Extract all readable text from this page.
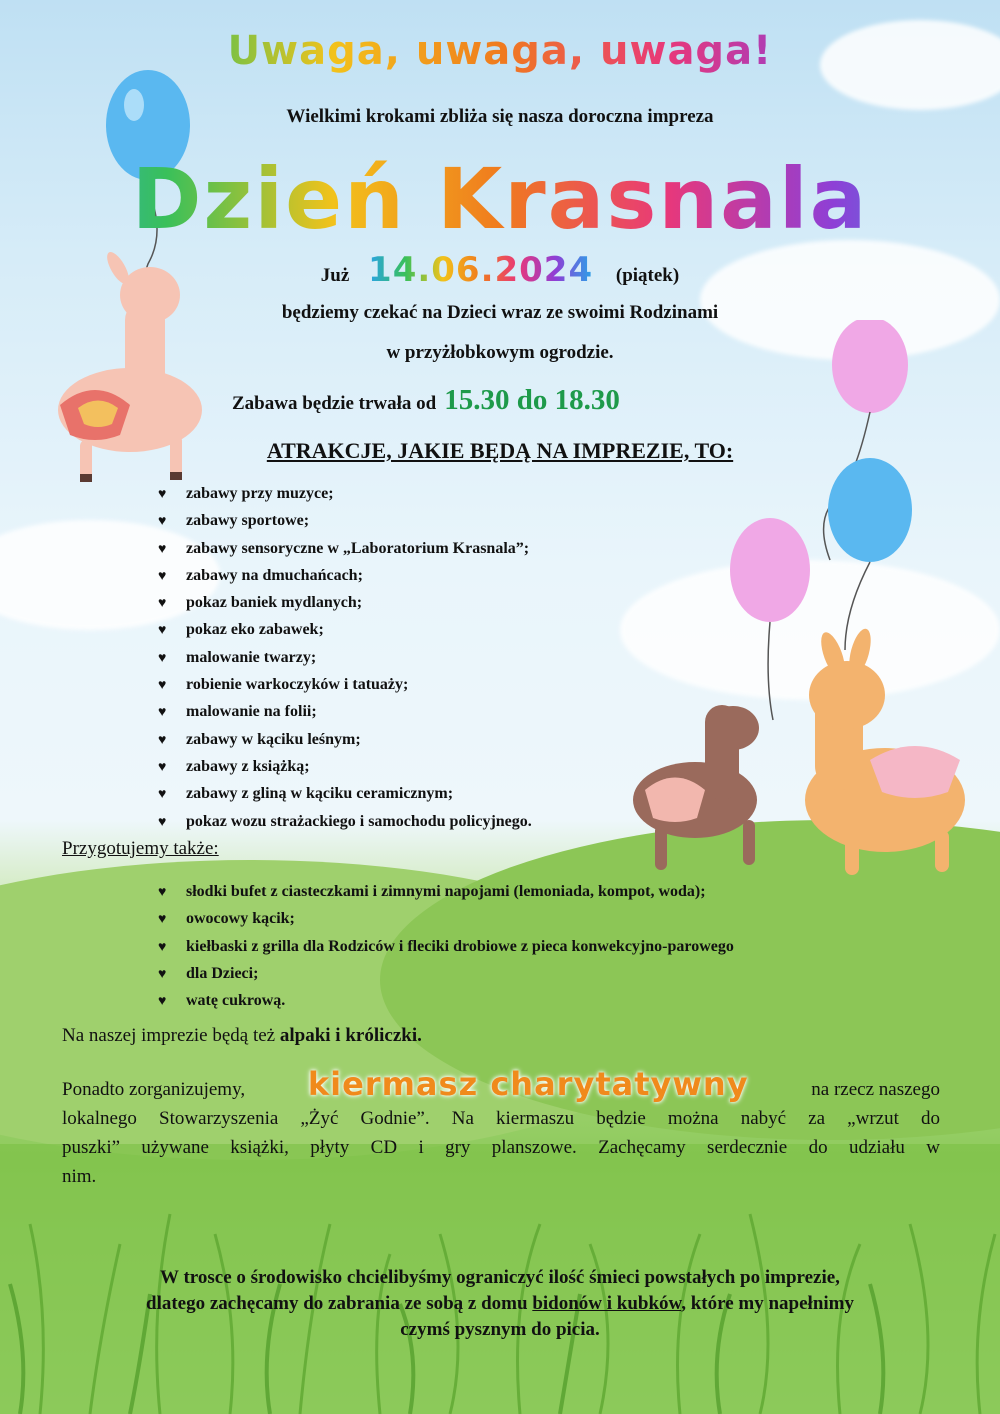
Uwaga, uwaga, uwaga!
Wielkimi krokami zbliża się nasza doroczna impreza
Dzień Krasnala
Już 14.06.2024 (piątek)
będziemy czekać na Dzieci wraz ze swoimi Rodzinami
w przyżłobkowym ogrodzie.
Zabawa będzie trwała od 15.30 do 18.30
ATRAKCJE, JAKIE BĘDĄ NA IMPREZIE, TO:
♥ zabawy przy muzyce;
♥ zabawy sportowe;
♥ zabawy sensoryczne w „Laboratorium Krasnala”;
♥ zabawy na dmuchańcach;
♥ pokaz baniek mydlanych;
♥ pokaz eko zabawek;
♥ malowanie twarzy;
♥ robienie warkoczyków i tatuaży;
♥ malowanie na folii;
♥ zabawy w kąciku leśnym;
♥ zabawy z książką;
♥ zabawy z gliną w kąciku ceramicznym;
♥ pokaz wozu strażackiego i samochodu policyjnego.
Przygotujemy także:
♥ słodki bufet z ciasteczkami i zimnymi napojami (lemoniada, kompot, woda);
♥ owocowy kącik;
♥ kiełbaski z grilla dla Rodziców i fleciki drobiowe z pieca konwekcyjno-parowego
♥ dla Dzieci;
♥ watę cukrową.
Na naszej imprezie będą też alpaki i króliczki.
Ponadto zorganizujemy, kiermasz charytatywny	na rzecz naszego
lokalnego Stowarzyszenia „Żyć Godnie”. Na kiermaszu będzie można nabyć za „wrzut do
puszki” używane książki, płyty CD i gry planszowe. Zachęcamy serdecznie do udziału w
nim.
W trosce o środowisko chcielibyśmy ograniczyć ilość śmieci powstałych po imprezie,
dlatego zachęcamy do zabrania ze sobą z domu bidonów i kubków, które my napełnimy
czymś pysznym do picia.
